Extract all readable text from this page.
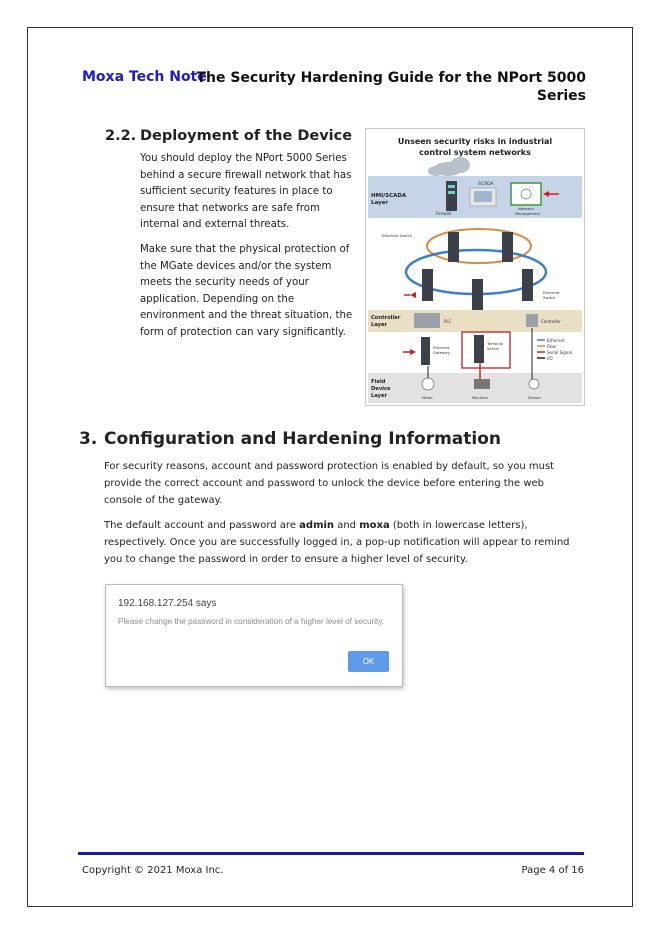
Moxa Tech Note
The Security Hardening Guide for the NPort 5000
Series
2.2. Deployment of the Device

You should deploy the NPort 5000 Series behind a secure firewall network that has sufficient security features in place to ensure that networks are safe from internal and external threats.

Make sure that the physical protection of the MGate devices and/or the system meets the security needs of your application. Depending on the environment and the threat situation, the form of protection can vary significantly.

Unseen security risks in industrial
control system networks
HMI/SCADA
Layer
Firewall
SCADA
Network
Management
Ethernet Switch
Ethernet
Switch
Controller
Layer
PLC	Controller
Terminal
Server
Ethernet
Gateway
Ethernet
Fiber
Serial Signal
I/O
Field
Device
Layer	Meter	Machine	Sensor
3. Configuration and Hardening Information

For security reasons, account and password protection is enabled by default, so you must provide the correct account and password to unlock the device before entering the web console of the gateway.

The default account and password are admin and moxa (both in lowercase letters), respectively. Once you are successfully logged in, a pop-up notification will appear to remind you to change the password in order to ensure a higher level of security.

192.168.127.254 says
Please change the password in consideration of a higher level of security.
OK
Copyright © 2021 Moxa Inc.	Page 4 of 16
